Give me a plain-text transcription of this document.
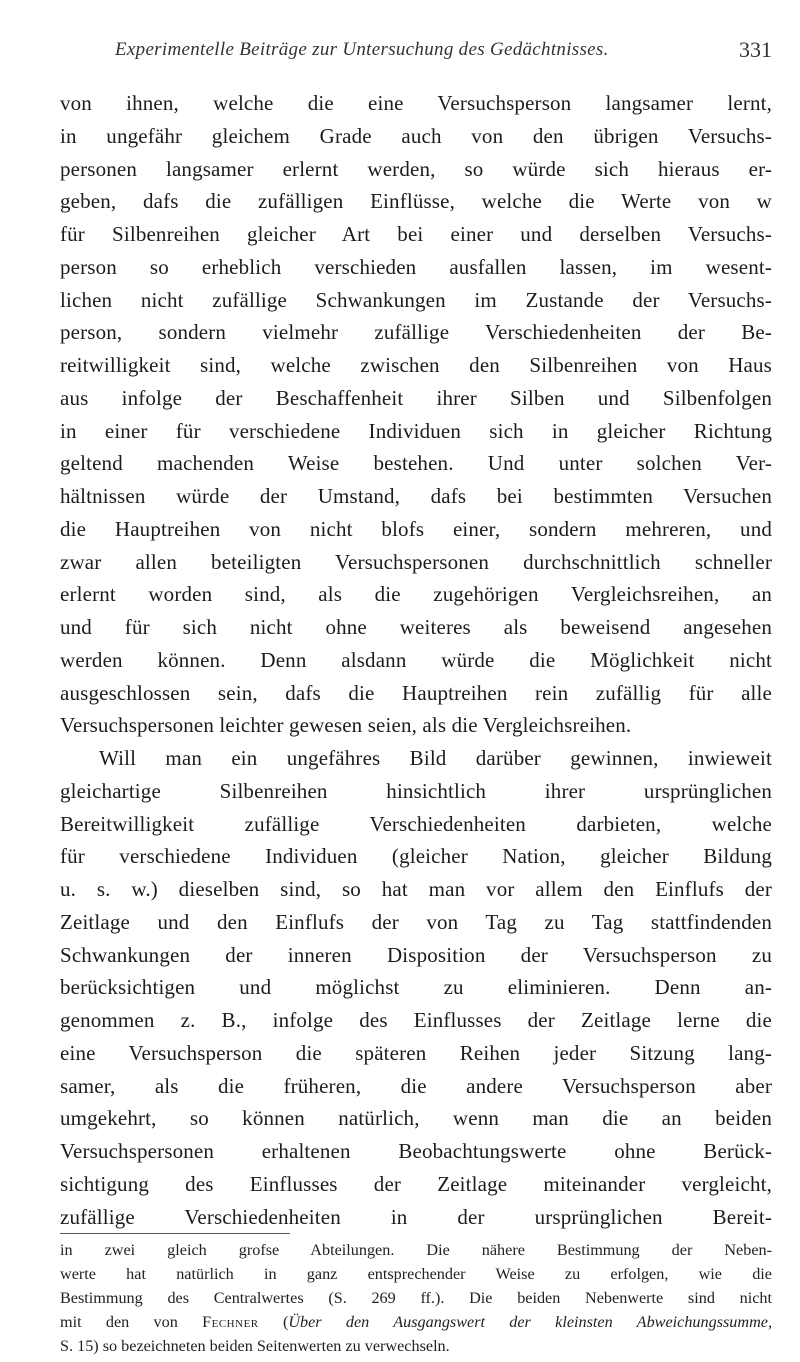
Experimentelle Beiträge zur Untersuchung des Gedächtnisses.	331
von ihnen, welche die eine Versuchsperson langsamer lernt,
in ungefähr gleichem Grade auch von den übrigen Versuchs-
personen langsamer erlernt werden, so würde sich hieraus er-
geben, dafs die zufälligen Einflüsse, welche die Werte von w
für Silbenreihen gleicher Art bei einer und derselben Versuchs-
person so erheblich verschieden ausfallen lassen, im wesent-
lichen nicht zufällige Schwankungen im Zustande der Versuchs-
person, sondern vielmehr zufällige Verschiedenheiten der Be-
reitwilligkeit sind, welche zwischen den Silbenreihen von Haus
aus infolge der Beschaffenheit ihrer Silben und Silbenfolgen
in einer für verschiedene Individuen sich in gleicher Richtung
geltend machenden Weise bestehen. Und unter solchen Ver-
hältnissen würde der Umstand, dafs bei bestimmten Versuchen
die Hauptreihen von nicht blofs einer, sondern mehreren, und
zwar allen beteiligten Versuchspersonen durchschnittlich schneller
erlernt worden sind, als die zugehörigen Vergleichsreihen, an
und für sich nicht ohne weiteres als beweisend angesehen
werden können. Denn alsdann würde die Möglichkeit nicht
ausgeschlossen sein, dafs die Hauptreihen rein zufällig für alle
Versuchspersonen leichter gewesen seien, als die Vergleichsreihen.
Will man ein ungefähres Bild darüber gewinnen, inwieweit
gleichartige Silbenreihen hinsichtlich ihrer ursprünglichen
Bereitwilligkeit zufällige Verschiedenheiten darbieten, welche
für verschiedene Individuen (gleicher Nation, gleicher Bildung
u. s. w.) dieselben sind, so hat man vor allem den Einflufs der
Zeitlage und den Einflufs der von Tag zu Tag stattfindenden
Schwankungen der inneren Disposition der Versuchsperson zu
berücksichtigen und möglichst zu eliminieren. Denn an-
genommen z. B., infolge des Einflusses der Zeitlage lerne die
eine Versuchsperson die späteren Reihen jeder Sitzung lang-
samer, als die früheren, die andere Versuchsperson aber
umgekehrt, so können natürlich, wenn man die an beiden
Versuchspersonen erhaltenen Beobachtungswerte ohne Berück-
sichtigung des Einflusses der Zeitlage miteinander vergleicht,
zufällige Verschiedenheiten in der ursprünglichen Bereit-
in zwei gleich grofse Abteilungen. Die nähere Bestimmung der Neben-
werte hat natürlich in ganz entsprechender Weise zu erfolgen, wie die
Bestimmung des Centralwertes (S. 269 ff.). Die beiden Nebenwerte sind nicht
mit den von Fechner (Über den Ausgangswert der kleinsten Abweichungssumme,
S. 15) so bezeichneten beiden Seitenwerten zu verwechseln.
